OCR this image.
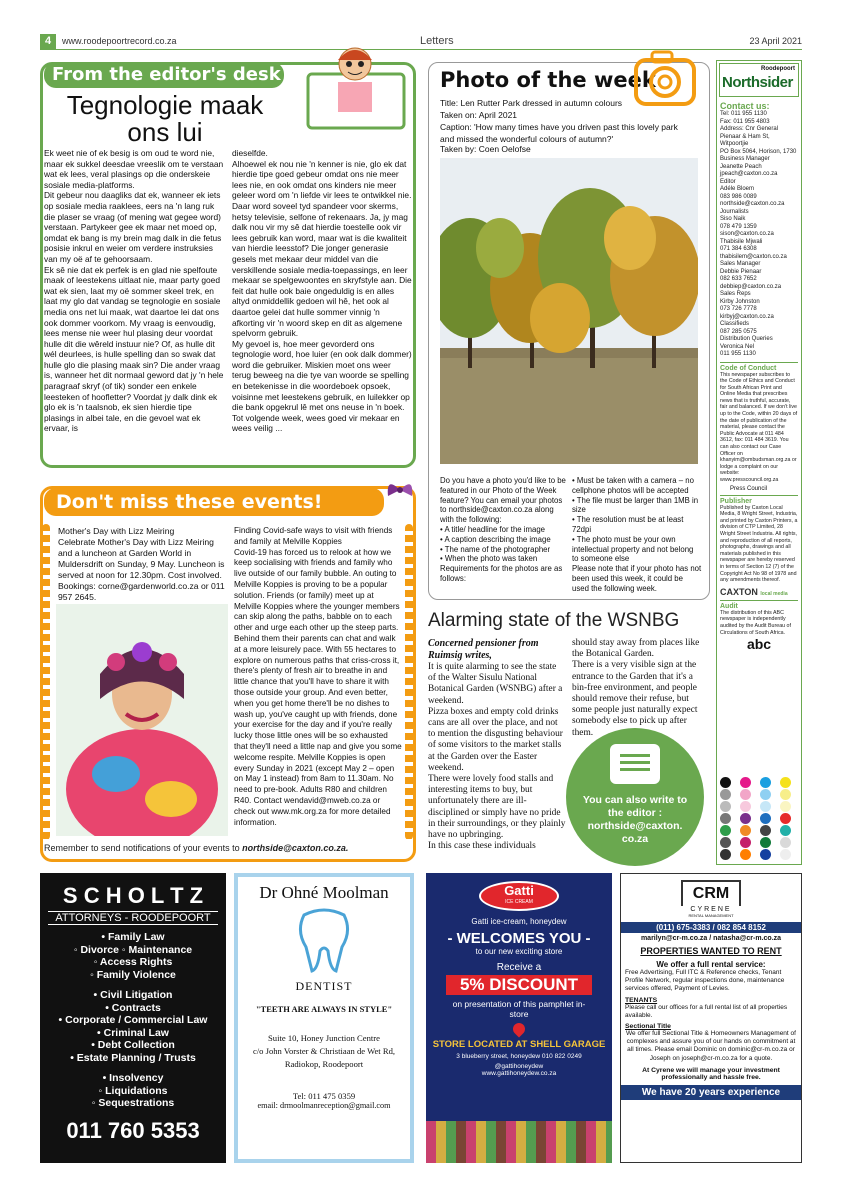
4	www.roodepoortrecord.co.za	Letters	23 April 2021
From the editor's desk
Tegnologie maak ons lui
Ek weet nie of ek besig is om oud te word nie, maar ek sukkel deesdae vreeslik om te verstaan wat ek lees, veral plasings op die onderskeie sosiale media-platforms.
Dit gebeur nou daagliks dat ek, wanneer ek iets op sosiale media raaklees, eers na 'n lang ruk die plaser se vraag (of mening wat gegee word) verstaan. Partykeer gee ek maar net moed op, omdat ek bang is my brein mag dalk in die fetus posisie inkrul en weier om verdere instruksies van my oë af te gehoorsaam.
Ek sê nie dat ek perfek is en glad nie spelfoute maak of leestekens uitlaat nie, maar party goed wat ek sien, laat my oë sommer skeel trek, en laat my glo dat vandag se tegnologie en sosiale media ons net lui maak, wat daartoe lei dat ons ook dommer voorkom. My vraag is eenvoudig, lees mense nie weer hul plasing deur voordat hulle dit die wêreld instuur nie? Of, as hulle dit wél deurlees, is hulle spelling dan so swak dat hulle glo die plasing maak sin? Die ander vraag is, wanneer het dit normaal geword dat jy 'n hele paragraaf skryf (of tik) sonder een enkele leesteken of hoofletter? Voordat jy dalk dink ek glo ek is 'n taalsnob, ek sien hierdie tipe plasings in albei tale, en die gevoel wat ek ervaar, is
dieselfde.
Alhoewel ek nou nie 'n kenner is nie, glo ek dat hierdie tipe goed gebeur omdat ons nie meer lees nie, en ook omdat ons kinders nie meer geleer word om 'n liefde vir lees te ontwikkel nie. Daar word soveel tyd spandeer voor skerms, hetsy televisie, selfone of rekenaars. Ja, jy mag dalk nou vir my sê dat hierdie toestelle ook vir lees gebruik kan word, maar wat is die kwaliteit van hierdie leesstof? Die jonger generasie gesels met mekaar deur middel van die verskillende sosiale media-toepassings, en leer mekaar se spelgewoontes en skryfstyle aan. Die feit dat hulle ook baie ongeduldig is en alles altyd onmiddellik gedoen wil hê, het ook al daartoe gelei dat hulle sommer vinnig 'n afkorting vir 'n woord skep en dit as algemene spelvorm gebruik.
My gevoel is, hoe meer gevorderd ons tegnologie word, hoe luier (en ook dalk dommer) word die gebruiker. Miskien moet ons weer terug beweeg na die tye van woorde se spelling en betekenisse in die woordeboek opsoek, voisinne met leestekens gebruik, en luilekker op die bank opgekrul lê met ons neuse in 'n boek.
Tot volgende week, wees goed vir mekaar en wees veilig ...
Photo of the week
Title: Len Rutter Park dressed in autumn colours
Taken on: April 2021
Caption: 'How many times have you driven past this lovely park and missed the wonderful colours of autumn?'
Taken by: Coen Oelofse
Do you have a photo you'd like to be featured in our Photo of the Week feature? You can email your photos to northside@caxton.co.za along with the following:
• A title/ headline for the image
• A caption describing the image
• The name of the photographer
• When the photo was taken
Requirements for the photos are as follows:
• Must be taken with a camera – no cellphone photos will be accepted
• The file must be larger than 1MB in size
• The resolution must be at least 72dpi
• The photo must be your own intellectual property and not belong to someone else
Please note that if your photo has not been used this week, it could be used the following week.
Don't miss these events!
Mother's Day with Lizz Meiring
Celebrate Mother's Day with Lizz Meiring and a luncheon at Garden World in Muldersdrift on Sunday, 9 May. Luncheon is served at noon for 12.30pm. Cost involved. Bookings: corne@gardenworld.co.za or 011 957 2645.
Finding Covid-safe ways to visit with friends and family at Melville Koppies
Covid-19 has forced us to relook at how we keep socialising with friends and family who live outside of our family bubble. An outing to Melville Koppies is proving to be a popular solution. Friends (or family) meet up at Melville Koppies where the younger members can skip along the paths, babble on to each other and urge each other up the steep parts. Behind them their parents can chat and walk at a more leisurely pace. With 55 hectares to explore on numerous paths that criss-cross it, there's plenty of fresh air to breathe in and little chance that you'll have to share it with those outside your group. And even better, when you get home there'll be no dishes to wash up, you've caught up with friends, done your exercise for the day and if you're really lucky those little ones will be so exhausted that they'll need a little nap and give you some welcome respite. Melville Koppies is open every Sunday in 2021 (except May 2 – open on May 1 instead) from 8am to 11.30am. No need to pre-book. Adults R80 and children R40. Contact wendavid@mweb.co.za or check out www.mk.org.za for more detailed information.
Remember to send notifications of your events to northside@caxton.co.za.
Alarming state of the WSNBG
Concerned pensioner from Ruimsig writes,
It is quite alarming to see the state of the Walter Sisulu National Botanical Garden (WSNBG) after a weekend.
Pizza boxes and empty cold drinks cans are all over the place, and not to mention the disgusting behaviour of some visitors to the market stalls at the Garden over the Easter weekend.
There were lovely food stalls and interesting items to buy, but unfortunately there are ill-disciplined or simply have no pride in their surroundings, or they plainly have no upbringing.
In this case these individuals
should stay away from places like the Botanical Garden.
There is a very visible sign at the entrance to the Garden that it's a bin-free environment, and people should remove their refuse, but some people just naturally expect somebody else to pick up after them.
You can also write to the editor : northside@caxton. co.za
Roodepoort
Northsider
Contact us:
Tel: 011 955 1130
Fax: 011 955 4803
Address: Cnr General Pienaar & Ham St, Witpoortjie
PO Box 5064, Horison, 1730
Business Manager
Jeanette Peach
jpeach@caxton.co.za
Editor
Adéle Bloem
083 986 0089
northside@caxton.co.za
Journalists
Siso Naik
078 479 1359
sison@caxton.co.za
Thabisile Mjwali
071 384 6308
thabisilem@caxton.co.za
Sales Manager
Debbie Pienaar
082 633 7652
debbiep@caxton.co.za
Sales Reps
Kirby Johnston
073 726 7778
kirbyj@caxton.co.za
Classifieds
087 285 0575
Distribution Queries
Veronica Nel
011 955 1130
Code of Conduct
This newspaper subscribes to the Code of Ethics and Conduct for South African Print and Online Media that prescribes news that is truthful, accurate, fair and balanced. If we don't live up to the Code, within 20 days of the date of publication of the material, please contact the Public Advocate at 011 484 3612, fax: 011 484 3619. You can also contact our Case Officer on khanyim@ombudsman.org.za or lodge a complaint on our website: www.presscouncil.org.za
Press Council
Publisher
Published by Caxton Local Media, 8 Wright Street, Industria, and printed by Caxton Printers, a division of CTP Limited, 28 Wright Street Industria. All rights, and reproduction of all reports, photographs, drawings and all materials published in this newspaper are hereby reserved in terms of Section 12 (7) of the Copyright Act No 98 of 1978 and any amendments thereof.
CAXTON local media
Audit
The distribution of this ABC newspaper is independently audited by the Audit Bureau of Circulations of South Africa.
abc
S C H O L T Z
ATTORNEYS - ROODEPOORT
• Family Law
◦ Divorce ◦ Maintenance
◦ Access Rights
◦ Family Violence
• Civil Litigation
• Contracts
• Corporate / Commercial Law
• Criminal Law
• Debt Collection
• Estate Planning / Trusts
• Insolvency
◦ Liquidations
◦ Sequestrations
011 760 5353
Dr Ohné Moolman
DENTIST
"TEETH ARE ALWAYS IN STYLE"
Suite 10, Honey Junction Centre
c/o John Vorster & Christiaan de Wet Rd,
Radiokop, Roodepoort
Tel: 011 475 0359
email: drmoolmanreception@gmail.com
Gatti
ICE CREAM
Gatti ice-cream, honeydew
- WELCOMES YOU -
to our new exciting store
Receive a
5% DISCOUNT
on presentation of this pamphlet in-store
STORE LOCATED AT SHELL GARAGE
3 blueberry street, honeydew 010 822 0249
@gattihoneydew
www.gattihoneydew.co.za
CRM
CYRENE
RENTAL MANAGEMENT
(011) 675-3383 / 082 854 8152
marilyn@cr-m.co.za / natasha@cr-m.co.za
PROPERTIES WANTED TO RENT
We offer a full rental service:
Free Advertising, Full ITC & Reference checks, Tenant Profile Network, regular inspections done, maintenance services offered, Payment of Levies.
TENANTS
Please call our offices for a full rental list of all properties available.
Sectional Title
We offer full Sectional Title & Homeowners Management of complexes and assure you of our hands on commitment at all times. Please email Dominic on dominic@cr-m.co.za or Joseph on joseph@cr-m.co.za for a quote.
At Cyrene we will manage your investment professionally and hassle free.
We have 20 years experience
